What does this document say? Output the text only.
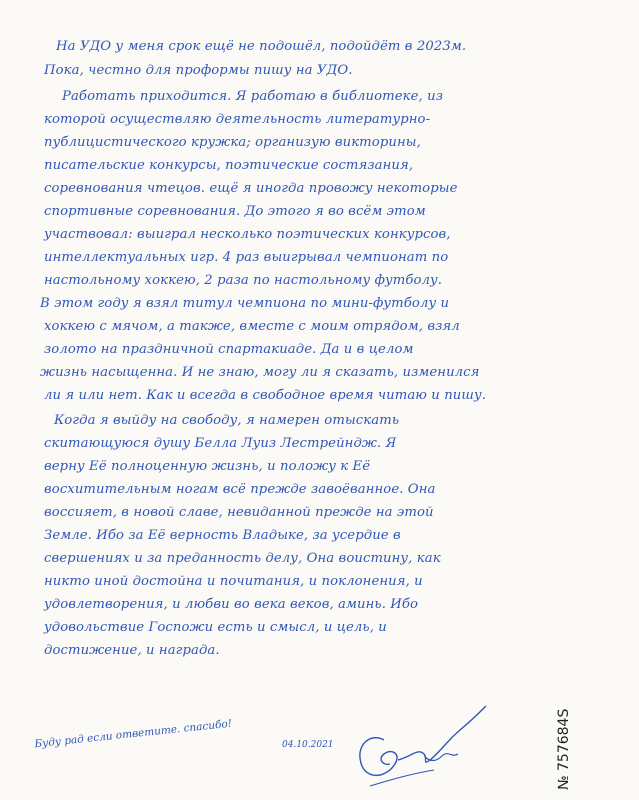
На УДО у меня срок ещё не подошёл, подойдёт в 2023м.
Пока, честно для проформы пишу на УДО.
Работать приходится. Я работаю в библиотеке, из
которой осуществляю деятельность литературно-
публицистического кружка; организую викторины,
писательские конкурсы, поэтические состязания,
соревнования чтецов. ещё я иногда провожу некоторые
спортивные соревнования. До этого я во всём этом
участвовал: выиграл несколько поэтических конкурсов,
интеллектуальных игр. 4 раз выигрывал чемпионат по
настольному хоккею, 2 раза по настольному футболу.
В этом году я взял титул чемпиона по мини-футболу и
хоккею с мячом, а также, вместе с моим отрядом, взял
золото на праздничной спартакиаде. Да и в целом
жизнь насыщенна. И не знаю, могу ли я сказать, изменился
ли я или нет. Как и всегда в свободное время читаю и пишу.
Когда я выйду на свободу, я намерен отыскать
скитающуюся душу Белла Луиз Лестрейндж. Я
верну Её полноценную жизнь, и положу к Её
восхитительным ногам всё прежде завоёванное. Она
воссияет, в новой славе, невиданной прежде на этой
Земле. Ибо за Её верность Владыке, за усердие в
свершениях и за преданность делу, Она воистину, как
никто иной достойна и почитания, и поклонения, и
удовлетворения, и любви во века веков, аминь. Ибо
удовольствие Госпожи есть и смысл, и цель, и
достижение, и награда.
Буду рад если ответите. спасибо!	04.10.2021	№ 757684S
